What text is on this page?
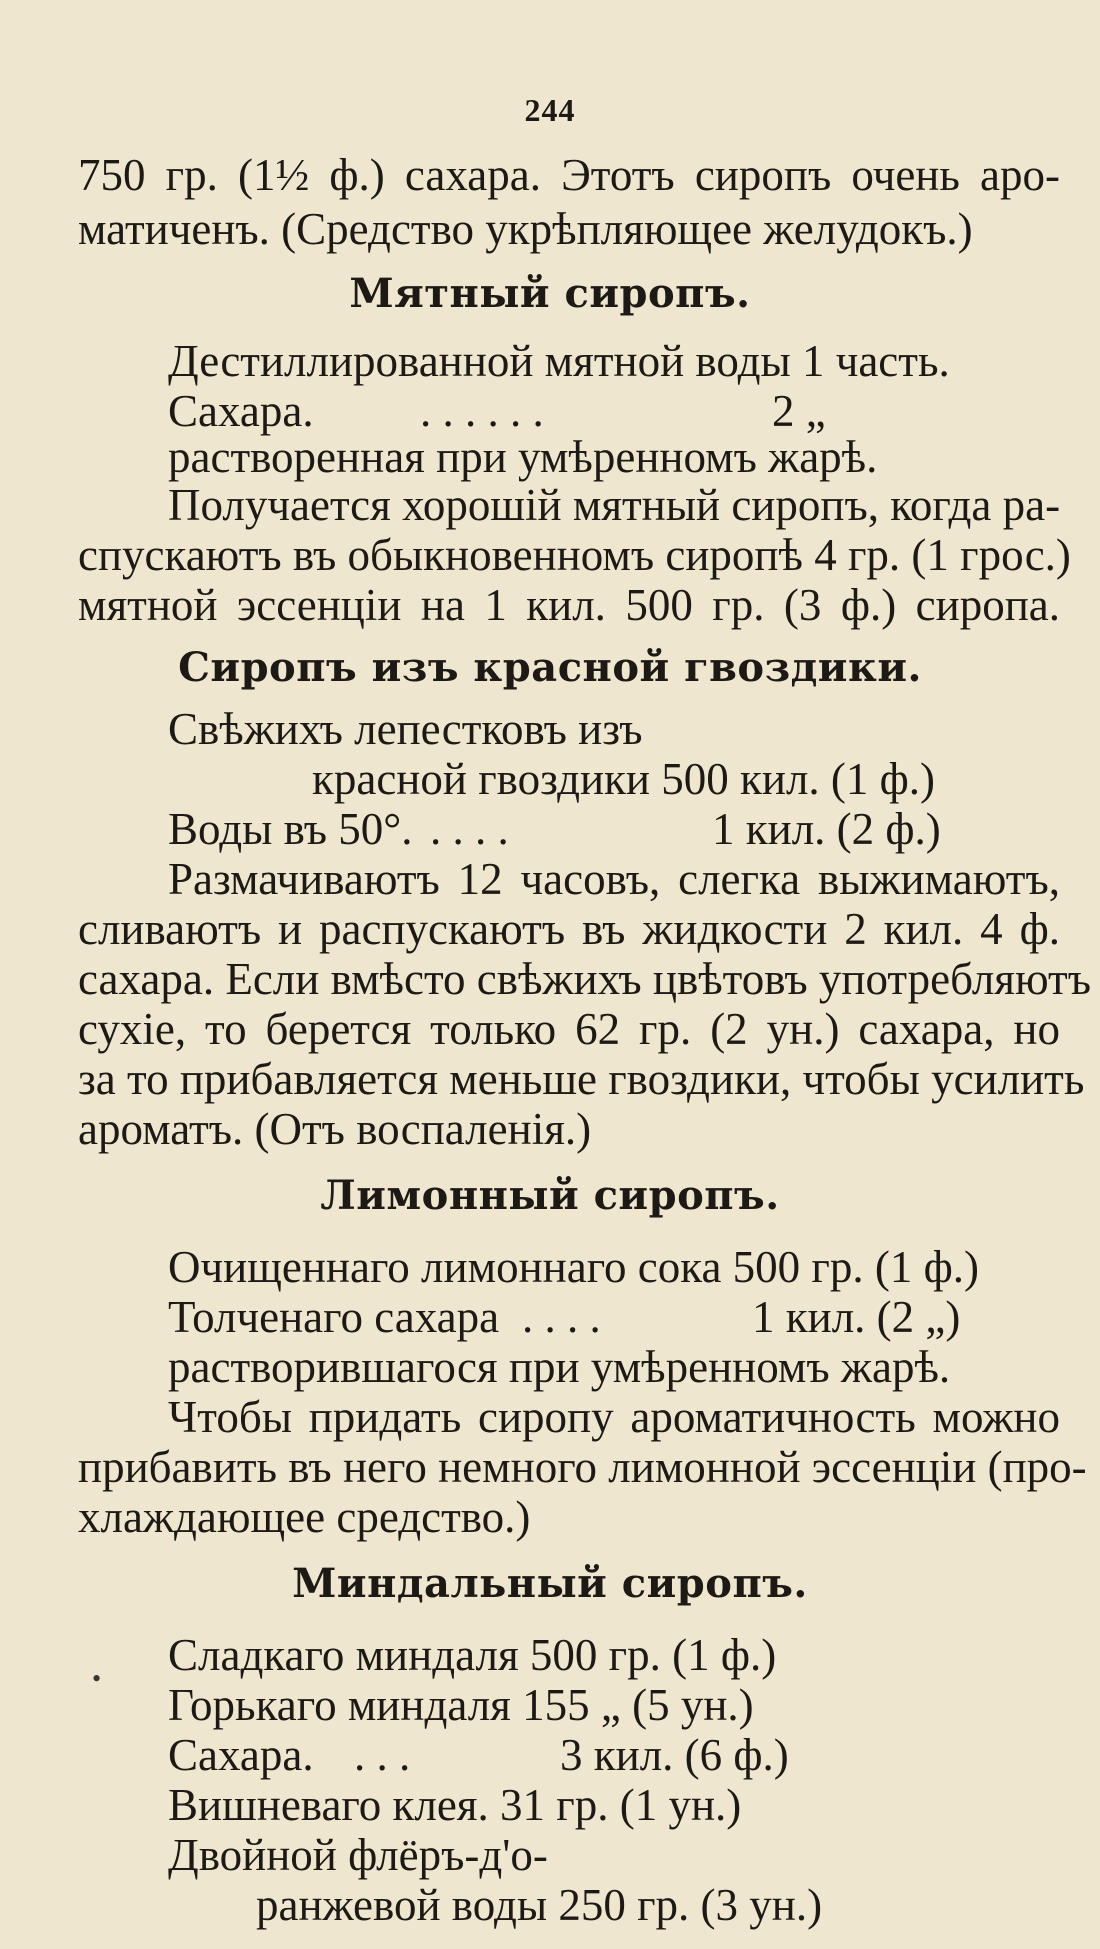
244
750 гр. (1½ ф.) сахара. Этотъ сиропъ очень аро-
матиченъ. (Средство укрѣпляющее желудокъ.)
Мятный сиропъ.
Дестиллированной мятной воды 1 часть.
Сахара. . . . . . .	2 „
растворенная при умѣренномъ жарѣ.
Получается хорошій мятный сиропъ, когда ра-
спускаютъ въ обыкновенномъ сиропѣ 4 гр. (1 грос.)
мятной эссенціи на 1 кил. 500 гр. (3 ф.) сиропа.
Сиропъ изъ красной гвоздики.
Свѣжихъ лепестковъ изъ
красной гвоздики 500 кил. (1 ф.)
Воды въ 50°. . . . .	1 кил. (2 ф.)
Размачиваютъ 12 часовъ, слегка выжимаютъ,
сливаютъ и распускаютъ въ жидкости 2 кил. 4 ф.
сахара. Если вмѣсто свѣжихъ цвѣтовъ употребляютъ
сухіе, то берется только 62 гр. (2 ун.) сахара, но
за то прибавляется меньше гвоздики, чтобы усилить
ароматъ. (Отъ воспаленія.)
Лимонный сиропъ.
Очищеннаго лимоннаго сока 500 гр. (1 ф.)
Толченаго сахара . . . .	1 кил. (2 „)
растворившагося при умѣренномъ жарѣ.
Чтобы придать сиропу ароматичность можно
прибавить въ него немного лимонной эссенціи (про-
хлаждающее средство.)
Миндальный сиропъ.
Сладкаго миндаля 500 гр. (1 ф.)
•
Горькаго миндаля 155 „ (5 ун.)
Сахара. . . .	3 кил. (6 ф.)
Вишневаго клея. 31 гр. (1 ун.)
Двойной флёръ-д'о-
ранжевой воды 250 гр. (3 ун.)
